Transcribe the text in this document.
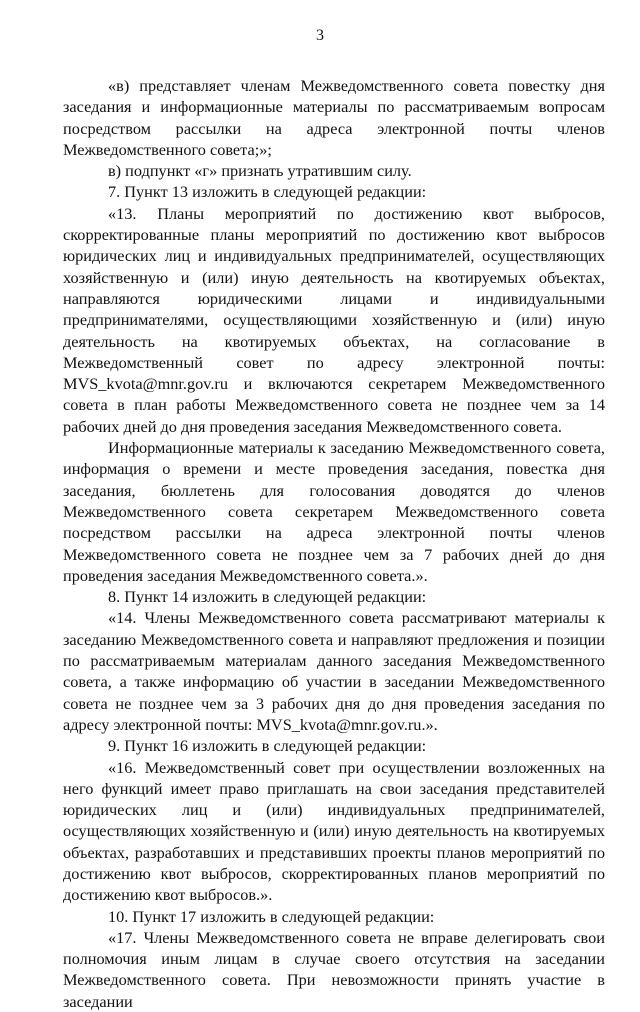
3

«в) представляет членам Межведомственного совета повестку дня заседания и информационные материалы по рассматриваемым вопросам посредством рассылки на адреса электронной почты членов Межведомственного совета;»;

в) подпункт «г» признать утратившим силу.

7. Пункт 13 изложить в следующей редакции:

«13. Планы мероприятий по достижению квот выбросов, скорректированные планы мероприятий по достижению квот выбросов юридических лиц и индивидуальных предпринимателей, осуществляющих хозяйственную и (или) иную деятельность на квотируемых объектах, направляются юридическими лицами и индивидуальными предпринимателями, осуществляющими хозяйственную и (или) иную деятельность на квотируемых объектах, на согласование в Межведомственный совет по адресу электронной почты: MVS_kvota@mnr.gov.ru и включаются секретарем Межведомственного совета в план работы Межведомственного совета не позднее чем за 14 рабочих дней до дня проведения заседания Межведомственного совета.

Информационные материалы к заседанию Межведомственного совета, информация о времени и месте проведения заседания, повестка дня заседания, бюллетень для голосования доводятся до членов Межведомственного совета секретарем Межведомственного совета посредством рассылки на адреса электронной почты членов Межведомственного совета не позднее чем за 7 рабочих дней до дня проведения заседания Межведомственного совета.».

8. Пункт 14 изложить в следующей редакции:

«14. Члены Межведомственного совета рассматривают материалы к заседанию Межведомственного совета и направляют предложения и позиции по рассматриваемым материалам данного заседания Межведомственного совета, а также информацию об участии в заседании Межведомственного совета не позднее чем за 3 рабочих дня до дня проведения заседания по адресу электронной почты: MVS_kvota@mnr.gov.ru.».

9. Пункт 16 изложить в следующей редакции:

«16. Межведомственный совет при осуществлении возложенных на него функций имеет право приглашать на свои заседания представителей юридических лиц и (или) индивидуальных предпринимателей, осуществляющих хозяйственную и (или) иную деятельность на квотируемых объектах, разработавших и представивших проекты планов мероприятий по достижению квот выбросов, скорректированных планов мероприятий по достижению квот выбросов.».

10. Пункт 17 изложить в следующей редакции:

«17. Члены Межведомственного совета не вправе делегировать свои полномочия иным лицам в случае своего отсутствия на заседании Межведомственного совета. При невозможности принять участие в заседании
